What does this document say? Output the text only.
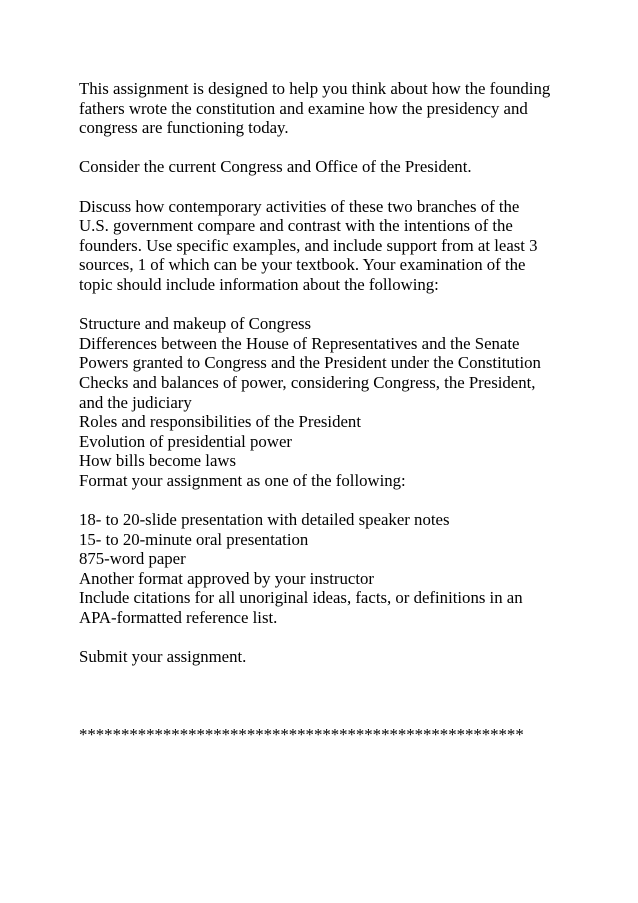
This assignment is designed to help you think about how the founding
fathers wrote the constitution and examine how the presidency and
congress are functioning today.
Consider the current Congress and Office of the President.
Discuss how contemporary activities of these two branches of the
U.S. government compare and contrast with the intentions of the
founders. Use specific examples, and include support from at least 3
sources, 1 of which can be your textbook. Your examination of the
topic should include information about the following:
Structure and makeup of Congress
Differences between the House of Representatives and the Senate
Powers granted to Congress and the President under the Constitution
Checks and balances of power, considering Congress, the President,
and the judiciary
Roles and responsibilities of the President
Evolution of presidential power
How bills become laws
Format your assignment as one of the following:
18- to 20-slide presentation with detailed speaker notes
15- to 20-minute oral presentation
875-word paper
Another format approved by your instructor
Include citations for all unoriginal ideas, facts, or definitions in an
APA-formatted reference list.
Submit your assignment.
*****************************************************
